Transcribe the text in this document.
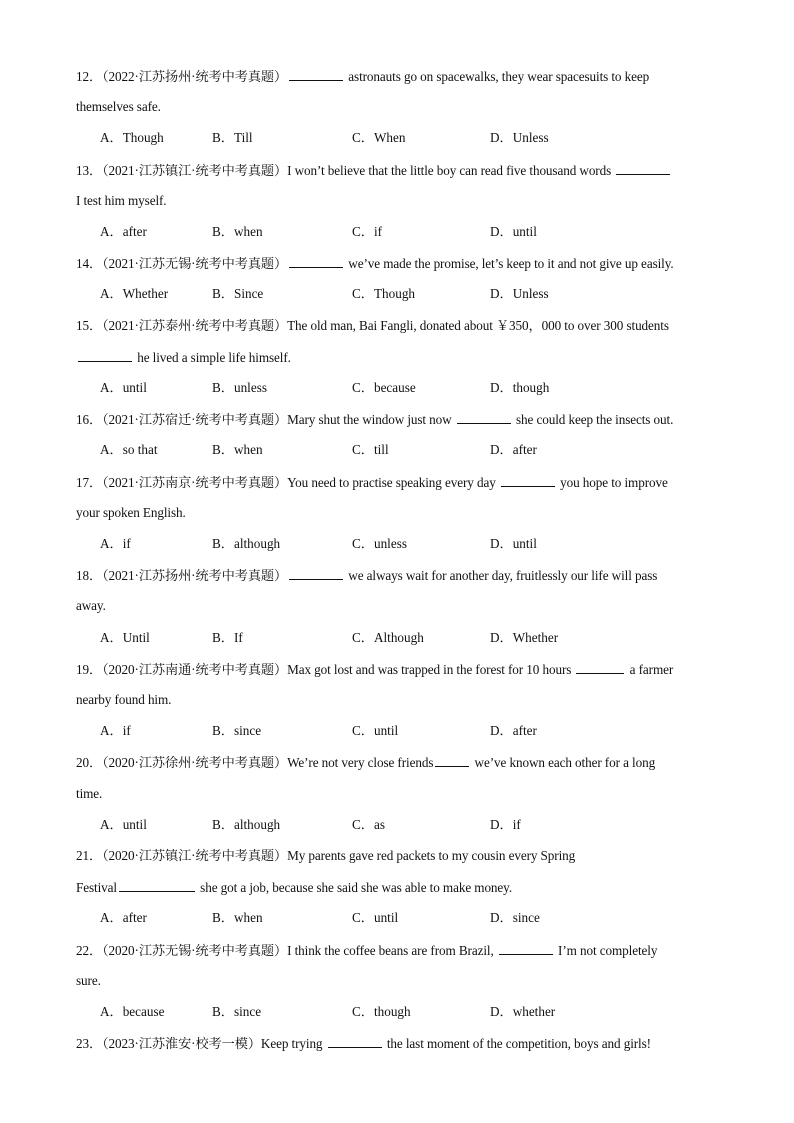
12．（2022·江苏扬州·统考中考真题）	astronauts go on spacewalks, they wear spacesuits to keep
themselves safe.
A．Though	B．Till	C．When	D．Unless
13．（2021·江苏镇江·统考中考真题）I won’t believe that the little boy can read five thousand words
I test him myself.
A．after	B．when	C．if	D．until
14．（2021·江苏无锡·统考中考真题）	we’ve made the promise, let’s keep to it and not give up easily.
A．Whether	B．Since	C．Though	D．Unless
15．（2021·江苏泰州·统考中考真题）The old man, Bai Fangli, donated about ￥350，000 to over 300 students
he lived a simple life himself.
A．until	B．unless	C．because	D．though
16．（2021·江苏宿迁·统考中考真题）Mary shut the window just now	she could keep the insects out.
A．so that	B．when	C．till	D．after
17．（2021·江苏南京·统考中考真题）You need to practise speaking every day	you hope to improve
your spoken English.
A．if	B．although	C．unless	D．until
18．（2021·江苏扬州·统考中考真题）	we always wait for another day, fruitlessly our life will pass
away.
A．Until	B．If	C．Although	D．Whether
19．（2020·江苏南通·统考中考真题）Max got lost and was trapped in the forest for 10 hours	a farmer
nearby found him.
A．if	B．since	C．until	D．after
20．（2020·江苏徐州·统考中考真题）We’re not very close friends	we’ve known each other for a long
time.
A．until	B．although	C．as	D．if
21．（2020·江苏镇江·统考中考真题）My parents gave red packets to my cousin every Spring
Festival	she got a job, because she said she was able to make money.
A．after	B．when	C．until	D．since
22．（2020·江苏无锡·统考中考真题）I think the coffee beans are from Brazil,	I’m not completely
sure.
A．because	B．since	C．though	D．whether
23．（2023·江苏淮安·校考一模）Keep trying	the last moment of the competition, boys and girls!
